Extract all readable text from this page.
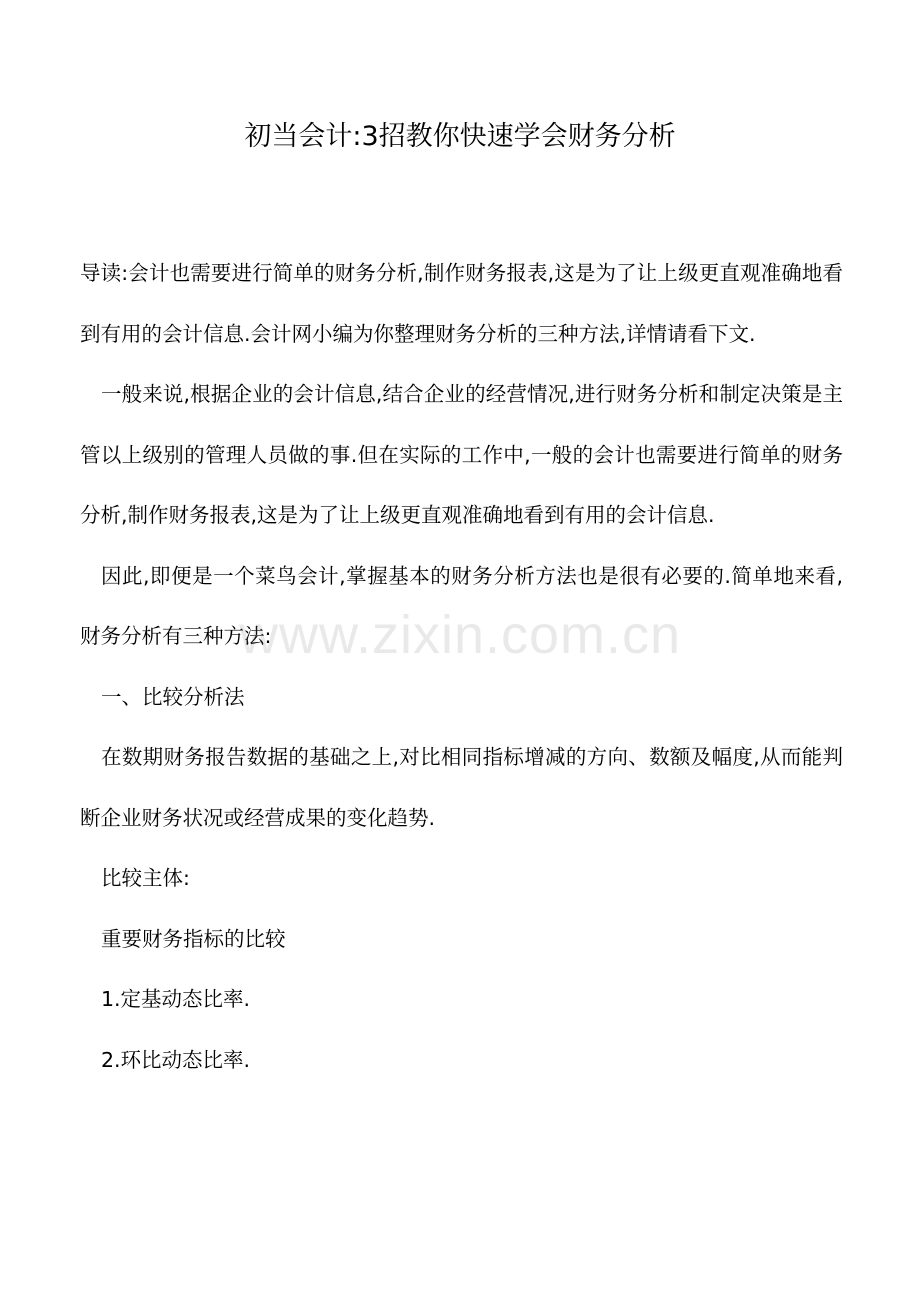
初当会计:3招教你快速学会财务分析

导读:会计也需要进行简单的财务分析,制作财务报表,这是为了让上级更直观准确地看到有用的会计信息.会计网小编为你整理财务分析的三种方法,详情请看下文.

一般来说,根据企业的会计信息,结合企业的经营情况,进行财务分析和制定决策是主管以上级别的管理人员做的事.但在实际的工作中,一般的会计也需要进行简单的财务分析,制作财务报表,这是为了让上级更直观准确地看到有用的会计信息.

因此,即便是一个菜鸟会计,掌握基本的财务分析方法也是很有必要的.简单地来看,财务分析有三种方法:

一、比较分析法

在数期财务报告数据的基础之上,对比相同指标增减的方向、数额及幅度,从而能判断企业财务状况或经营成果的变化趋势.

比较主体:

重要财务指标的比较

1.定基动态比率.

2.环比动态比率.

www.zixin.com.cn
